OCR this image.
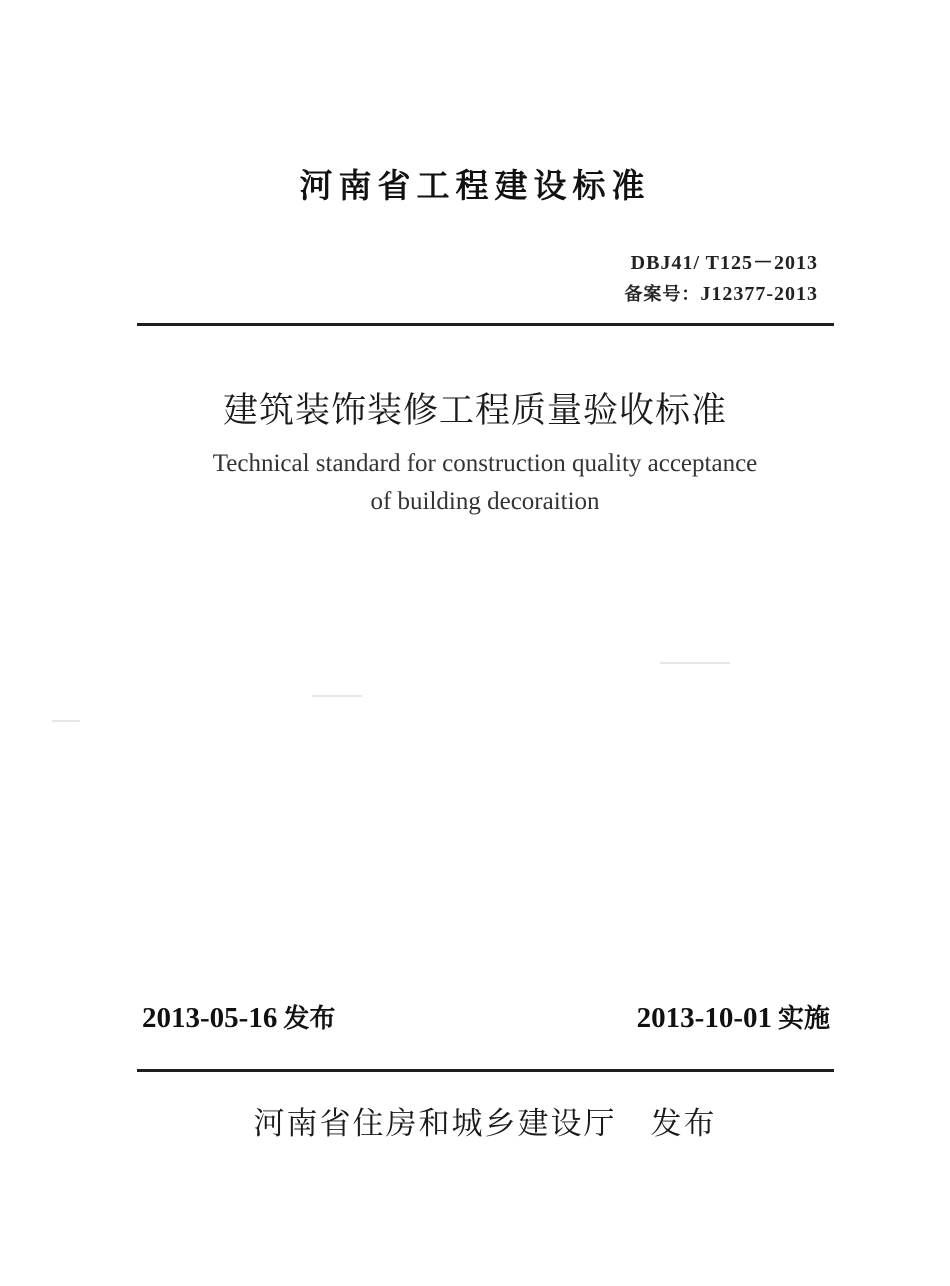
河南省工程建设标准
DBJ41/ T125－2013
备案号：J12377-2013
建筑装饰装修工程质量验收标准
Technical standard for construction quality acceptance
of building decoraition
2013-05-16 发布	2013-10-01 实施
河南省住房和城乡建设厅 发布
